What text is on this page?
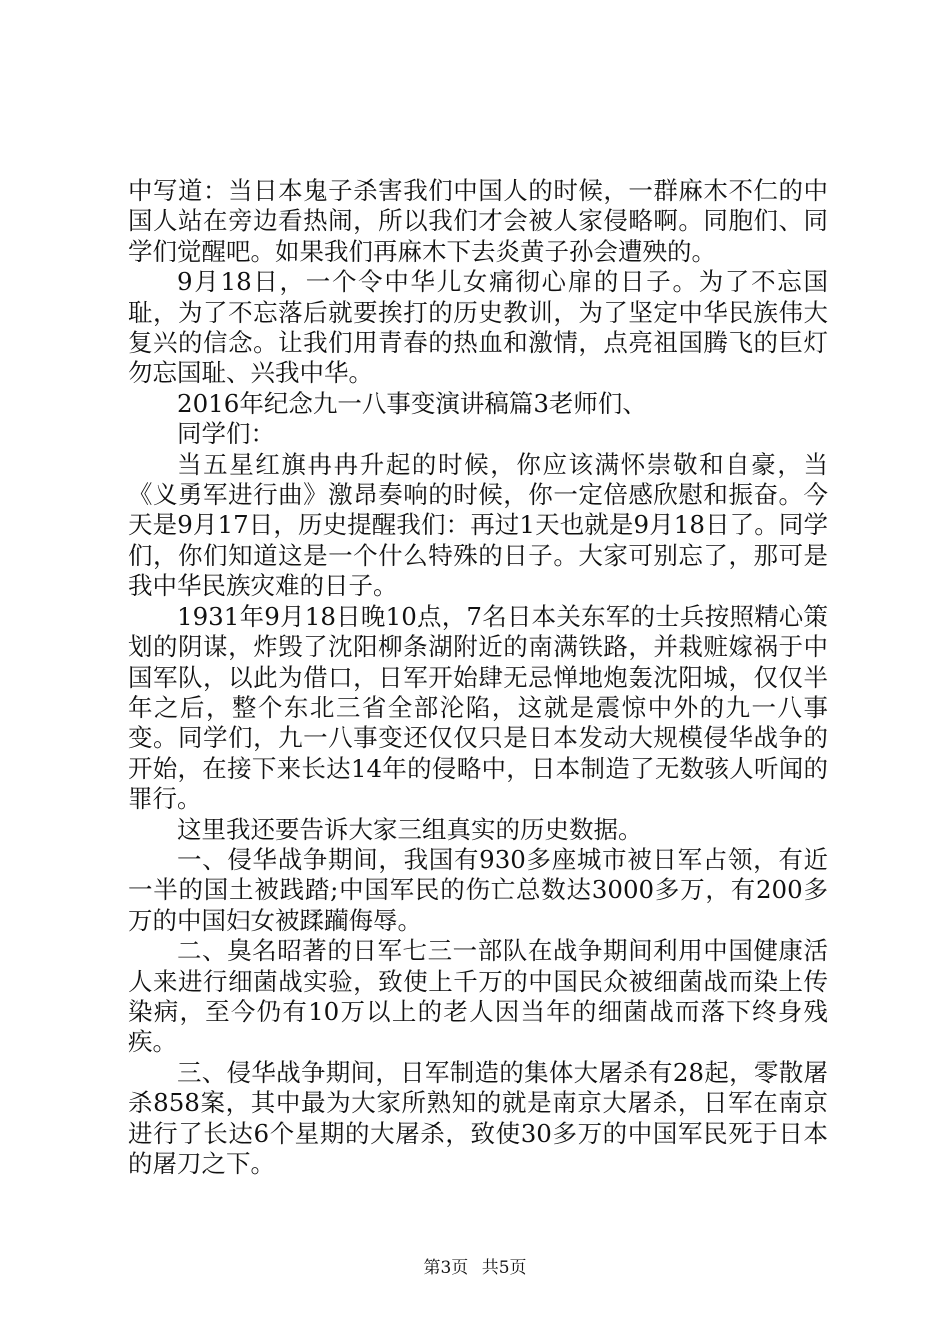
中写道：当日本鬼子杀害我们中国人的时候，一群麻木不仁的中国人站在旁边看热闹，所以我们才会被人家侵略啊。同胞们、同学们觉醒吧。如果我们再麻木下去炎黄子孙会遭殃的。

9月18日，一个令中华儿女痛彻心扉的日子。为了不忘国耻，为了不忘落后就要挨打的历史教训，为了坚定中华民族伟大复兴的信念。让我们用青春的热血和激情，点亮祖国腾飞的巨灯勿忘国耻、兴我中华。

2016年纪念九一八事变演讲稿篇3老师们、

同学们：

当五星红旗冉冉升起的时候，你应该满怀崇敬和自豪，当《义勇军进行曲》激昂奏响的时候，你一定倍感欣慰和振奋。今天是9月17日，历史提醒我们：再过1天也就是9月18日了。同学们，你们知道这是一个什么特殊的日子。大家可别忘了，那可是我中华民族灾难的日子。

1931年9月18日晚10点，7名日本关东军的士兵按照精心策划的阴谋，炸毁了沈阳柳条湖附近的南满铁路，并栽赃嫁祸于中国军队，以此为借口，日军开始肆无忌惮地炮轰沈阳城，仅仅半年之后，整个东北三省全部沦陷，这就是震惊中外的九一八事变。同学们，九一八事变还仅仅只是日本发动大规模侵华战争的开始，在接下来长达14年的侵略中，日本制造了无数骇人听闻的罪行。

这里我还要告诉大家三组真实的历史数据。

一、侵华战争期间，我国有930多座城市被日军占领，有近一半的国土被践踏;中国军民的伤亡总数达3000多万，有200多万的中国妇女被蹂躏侮辱。

二、臭名昭著的日军七三一部队在战争期间利用中国健康活人来进行细菌战实验，致使上千万的中国民众被细菌战而染上传染病，至今仍有10万以上的老人因当年的细菌战而落下终身残疾。

三、侵华战争期间，日军制造的集体大屠杀有28起，零散屠杀858案，其中最为大家所熟知的就是南京大屠杀，日军在南京进行了长达6个星期的大屠杀，致使30多万的中国军民死于日本的屠刀之下。

第3页 共5页
